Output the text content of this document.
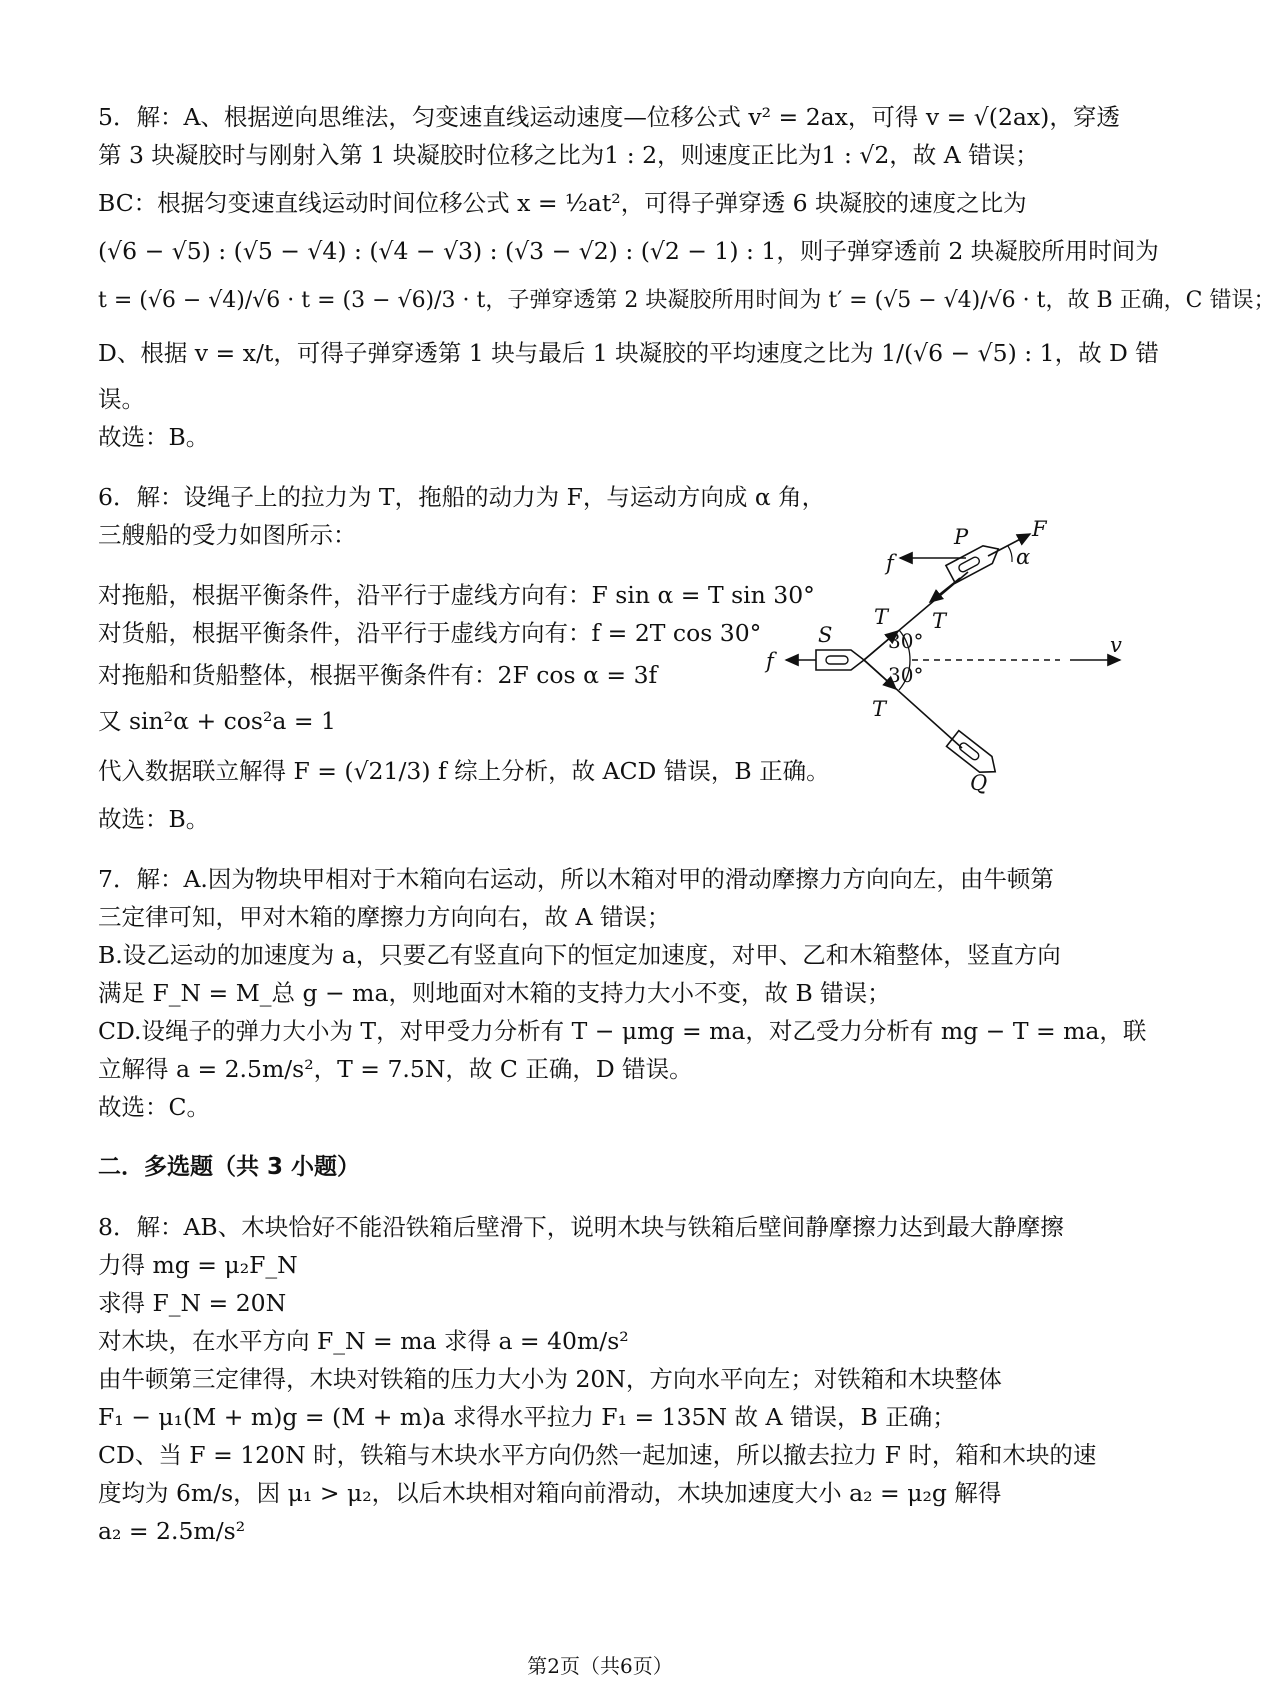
5．解：A、根据逆向思维法，匀变速直线运动速度—位移公式 v² = 2ax，可得 v = √(2ax)，穿透

第 3 块凝胶时与刚射入第 1 块凝胶时位移之比为1 : 2，则速度正比为1 : √2，故 A 错误；

BC：根据匀变速直线运动时间位移公式 x = ½at²，可得子弹穿透 6 块凝胶的速度之比为

(√6 − √5) : (√5 − √4) : (√4 − √3) : (√3 − √2) : (√2 − 1) : 1，则子弹穿透前 2 块凝胶所用时间为

t = (√6 − √4)/√6 · t = (3 − √6)/3 · t，子弹穿透第 2 块凝胶所用时间为 t′ = (√5 − √4)/√6 · t，故 B 正确，C 错误；

D、根据 v = x/t，可得子弹穿透第 1 块与最后 1 块凝胶的平均速度之比为 1/(√6 − √5) : 1，故 D 错

误。

故选：B。

6．解：设绳子上的拉力为 T，拖船的动力为 F，与运动方向成 α 角，

三艘船的受力如图所示：

对拖船，根据平衡条件，沿平行于虚线方向有：F sin α = T sin 30°

对货船，根据平衡条件，沿平行于虚线方向有：f = 2T cos 30°

对拖船和货船整体，根据平衡条件有：2F cos α = 3f

又 sin²α + cos²a = 1

代入数据联立解得 F = (√21/3) f 综上分析，故 ACD 错误，B 正确。

故选：B。

7．解：A.因为物块甲相对于木箱向右运动，所以木箱对甲的滑动摩擦力方向向左，由牛顿第

三定律可知，甲对木箱的摩擦力方向向右，故 A 错误；

B.设乙运动的加速度为 a，只要乙有竖直向下的恒定加速度，对甲、乙和木箱整体，竖直方向

满足 F_N = M_总 g − ma，则地面对木箱的支持力大小不变，故 B 错误；

CD.设绳子的弹力大小为 T，对甲受力分析有 T − μmg = ma，对乙受力分析有 mg − T = ma，联

立解得 a = 2.5m/s²，T = 7.5N，故 C 正确，D 错误。

故选：C。

二．多选题（共 3 小题）

8．解：AB、木块恰好不能沿铁箱后壁滑下，说明木块与铁箱后壁间静摩擦力达到最大静摩擦

力得 mg = μ₂F_N

求得 F_N = 20N

对木块，在水平方向 F_N = ma 求得 a = 40m/s²

由牛顿第三定律得，木块对铁箱的压力大小为 20N，方向水平向左；对铁箱和木块整体

F₁ − μ₁(M + m)g = (M + m)a 求得水平拉力 F₁ = 135N 故 A 错误，B 正确；

CD、当 F = 120N 时，铁箱与木块水平方向仍然一起加速，所以撤去拉力 F 时，箱和木块的速

度均为 6m/s，因 μ₁ > μ₂，以后木块相对箱向前滑动，木块加速度大小 a₂ = μ₂g 解得

a₂ = 2.5m/s²

P	F
α
f
T T
S	30°
30°
v
f
T
Q
第2页（共6页）
